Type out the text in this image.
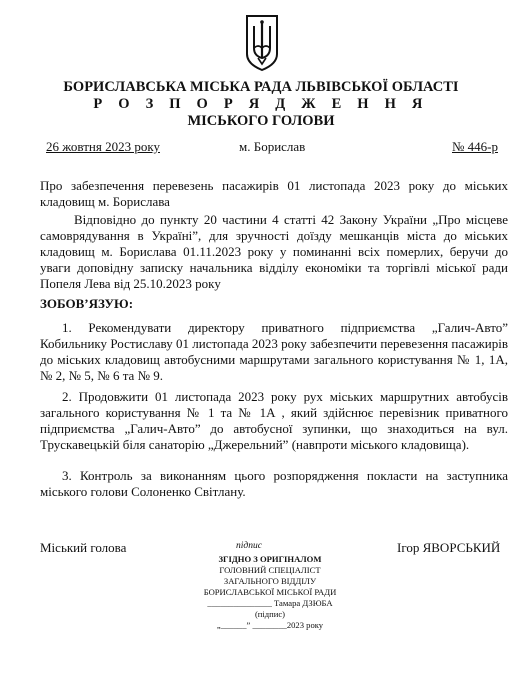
БОРИСЛАВСЬКА МІСЬКА РАДА ЛЬВІВСЬКОЇ ОБЛАСТІ
Р О З П О Р Я Д Ж Е Н Н Я
МІСЬКОГО ГОЛОВИ
26 жовтня 2023 року	м. Борислав	№ 446-р
Про забезпечення перевезень пасажирів 01 листопада 2023 року до міських кладовищ м. Борислава
Відповідно до пункту 20 частини 4 статті 42 Закону України „Про місцеве самоврядування в Україні”, для зручності доїзду мешканців міста до міських кладовищ м. Борислава 01.11.2023 року у поминанні всіх померлих, беручи до уваги доповідну записку начальника відділу економіки та торгівлі міської ради Попеля Лева від 25.10.2023 року
ЗОБОВ’ЯЗУЮ:
1. Рекомендувати директору приватного підприємства „Галич-Авто” Кобильнику Ростиславу 01 листопада 2023 року забезпечити перевезення пасажирів до міських кладовищ автобусними маршрутами загального користування № 1, 1А, № 2, № 5, № 6 та № 9.
2. Продовжити 01 листопада 2023 року рух міських маршрутних автобусів загального користування № 1 та № 1А , який здійснює перевізник приватного підприємства „Галич-Авто” до автобусної зупинки, що знаходиться на вул. Трускавецькій біля санаторію „Джерельний” (навпроти міського кладовища).
3. Контроль за виконанням цього розпорядження покласти на заступника міського голови Солоненко Світлану.
Міський голова	підпис	Ігор ЯВОРСЬКИЙ
ЗГІДНО З ОРИГІНАЛОМ
ГОЛОВНИЙ СПЕЦІАЛІСТ
ЗАГАЛЬНОГО ВІДДІЛУ
БОРИСЛАВСЬКОЇ МІСЬКОЇ РАДИ
_______________ Тамара ДЗЮБА
(підпис)
„______” ________2023 року
